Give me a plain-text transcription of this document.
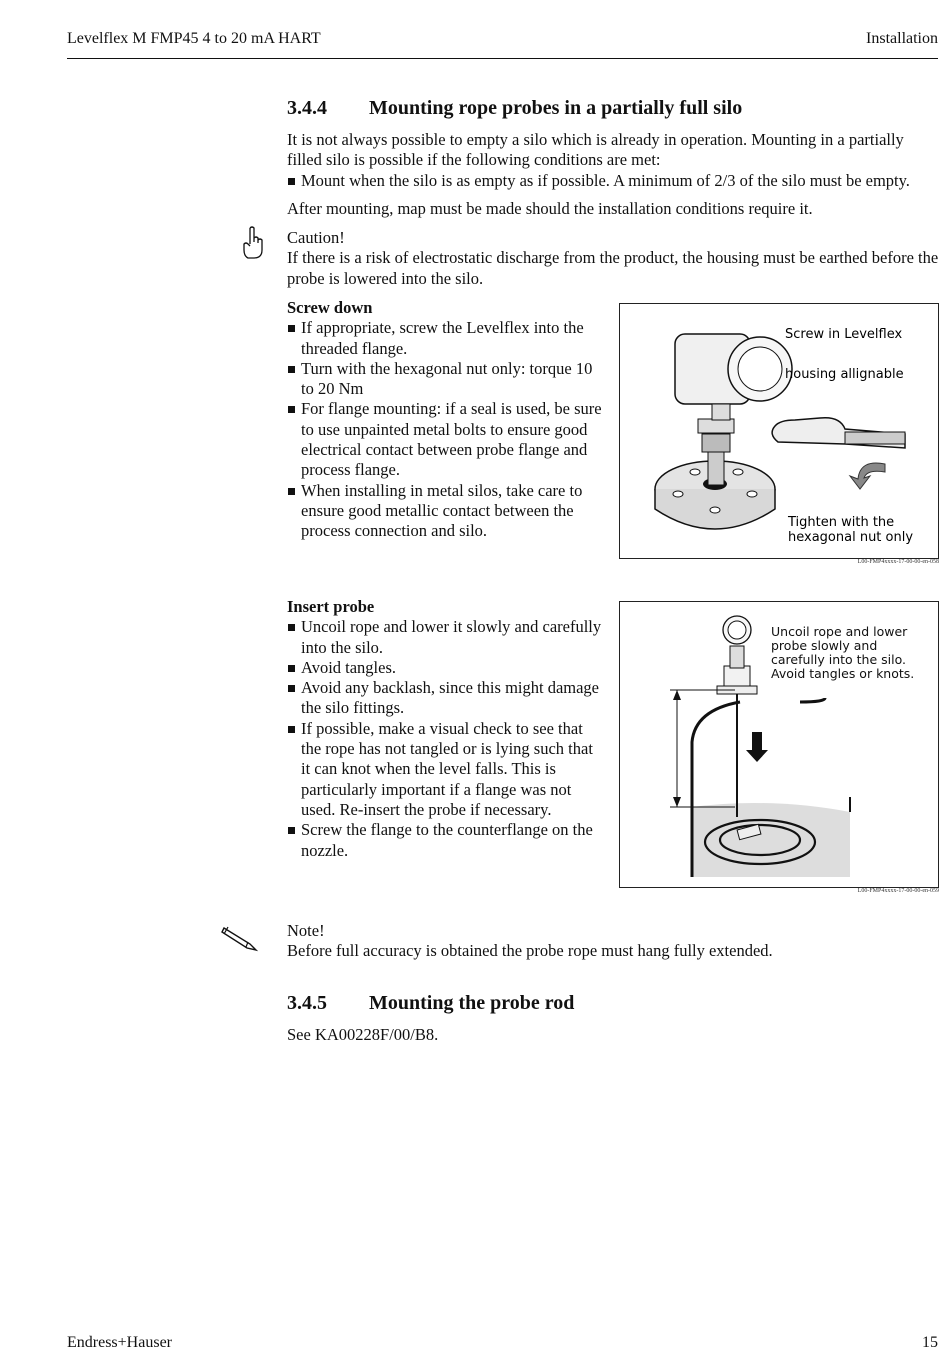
Levelflex M FMP45 4 to 20 mA HART	Installation
3.4.4 Mounting rope probes in a partially full silo
It is not always possible to empty a silo which is already in operation. Mounting in a partially filled silo is possible if the following conditions are met:
Mount when the silo is as empty as if possible. A minimum of 2/3 of the silo must be empty.
After mounting, map must be made should the installation conditions require it.
Caution!
If there is a risk of electrostatic discharge from the product, the housing must be earthed before the probe is lowered into the silo.
Screw down
If appropriate, screw the Levelflex into the threaded flange.
Turn with the hexagonal nut only: torque 10 to 20 Nm
For flange mounting: if a seal is used, be sure to use unpainted metal bolts to ensure good electrical contact between probe flange and process flange.
When installing in metal silos, take care to ensure good metallic contact between the process connection and silo.
Screw in Levelflex
housing allignable
Tighten with the
hexagonal nut only
L00-FMP4xxxx-17-00-00-en-058
Insert probe
Uncoil rope and lower it slowly and carefully into the silo.
Avoid tangles.
Avoid any backlash, since this might damage the silo fittings.
If possible, make a visual check to see that the rope has not tangled or is lying such that it can knot when the level falls. This is particularly important if a flange was not used. Re-insert the probe if necessary.
Screw the flange to the counterflange on the nozzle.
Uncoil rope and lower
probe slowly and
carefully into the silo.
Avoid tangles or knots.
L00-FMP4xxxx-17-00-00-en-059
Note!
Before full accuracy is obtained the probe rope must hang fully extended.
3.4.5 Mounting the probe rod
See KA00228F/00/B8.
Endress+Hauser	15
